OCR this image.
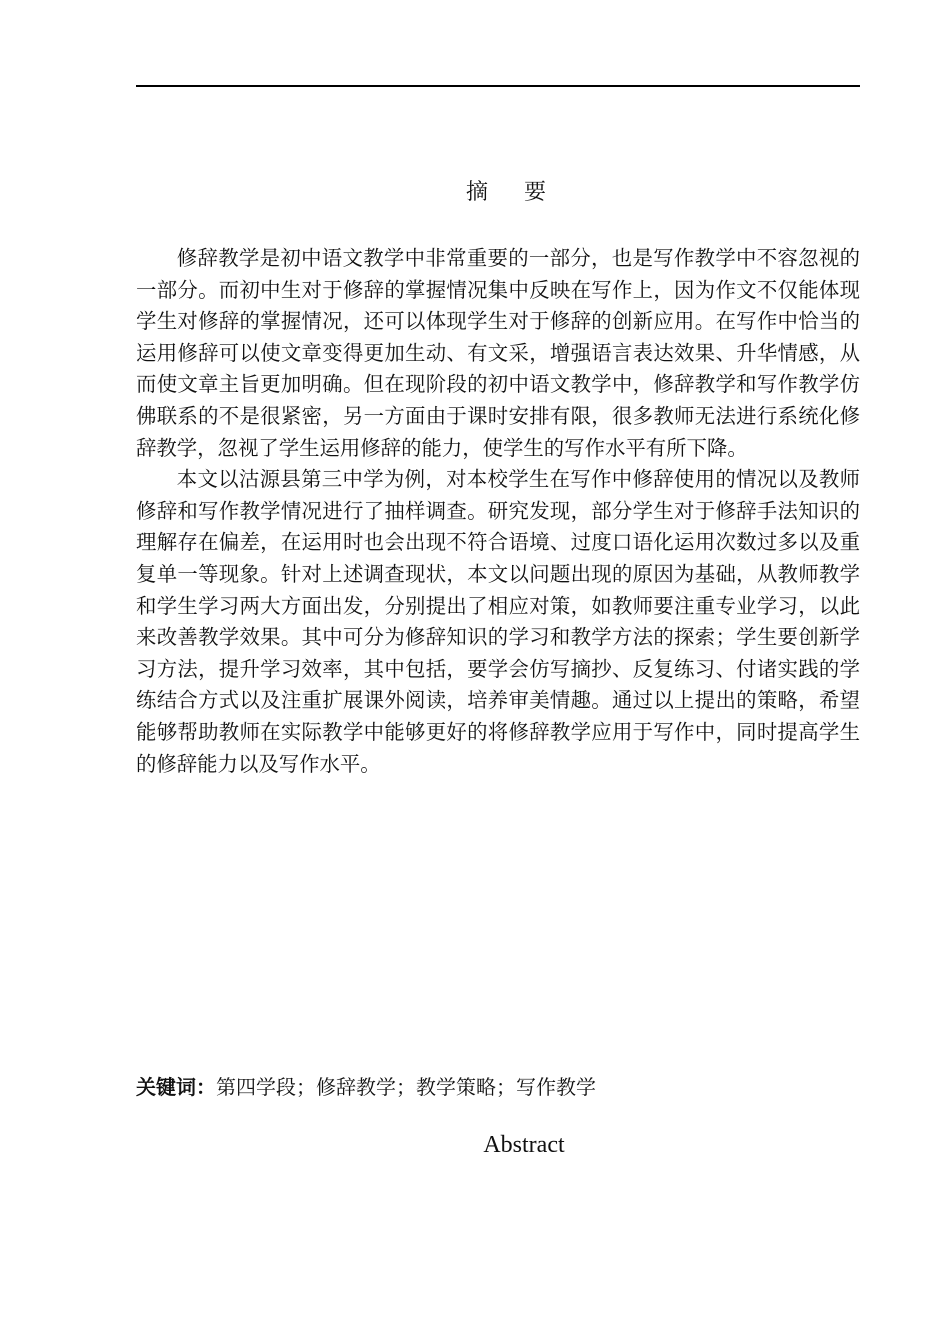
摘要

修辞教学是初中语文教学中非常重要的一部分，也是写作教学中不容忽视的一部分。而初中生对于修辞的掌握情况集中反映在写作上，因为作文不仅能体现学生对修辞的掌握情况，还可以体现学生对于修辞的创新应用。在写作中恰当的运用修辞可以使文章变得更加生动、有文采，增强语言表达效果、升华情感，从而使文章主旨更加明确。但在现阶段的初中语文教学中，修辞教学和写作教学仿佛联系的不是很紧密，另一方面由于课时安排有限，很多教师无法进行系统化修辞教学，忽视了学生运用修辞的能力，使学生的写作水平有所下降。

本文以沽源县第三中学为例，对本校学生在写作中修辞使用的情况以及教师修辞和写作教学情况进行了抽样调查。研究发现，部分学生对于修辞手法知识的理解存在偏差，在运用时也会出现不符合语境、过度口语化运用次数过多以及重复单一等现象。针对上述调查现状，本文以问题出现的原因为基础，从教师教学和学生学习两大方面出发，分别提出了相应对策，如教师要注重专业学习，以此来改善教学效果。其中可分为修辞知识的学习和教学方法的探索；学生要创新学习方法，提升学习效率，其中包括，要学会仿写摘抄、反复练习、付诸实践的学练结合方式以及注重扩展课外阅读，培养审美情趣。通过以上提出的策略，希望能够帮助教师在实际教学中能够更好的将修辞教学应用于写作中，同时提高学生的修辞能力以及写作水平。

关键词：第四学段；修辞教学；教学策略；写作教学
Abstract
